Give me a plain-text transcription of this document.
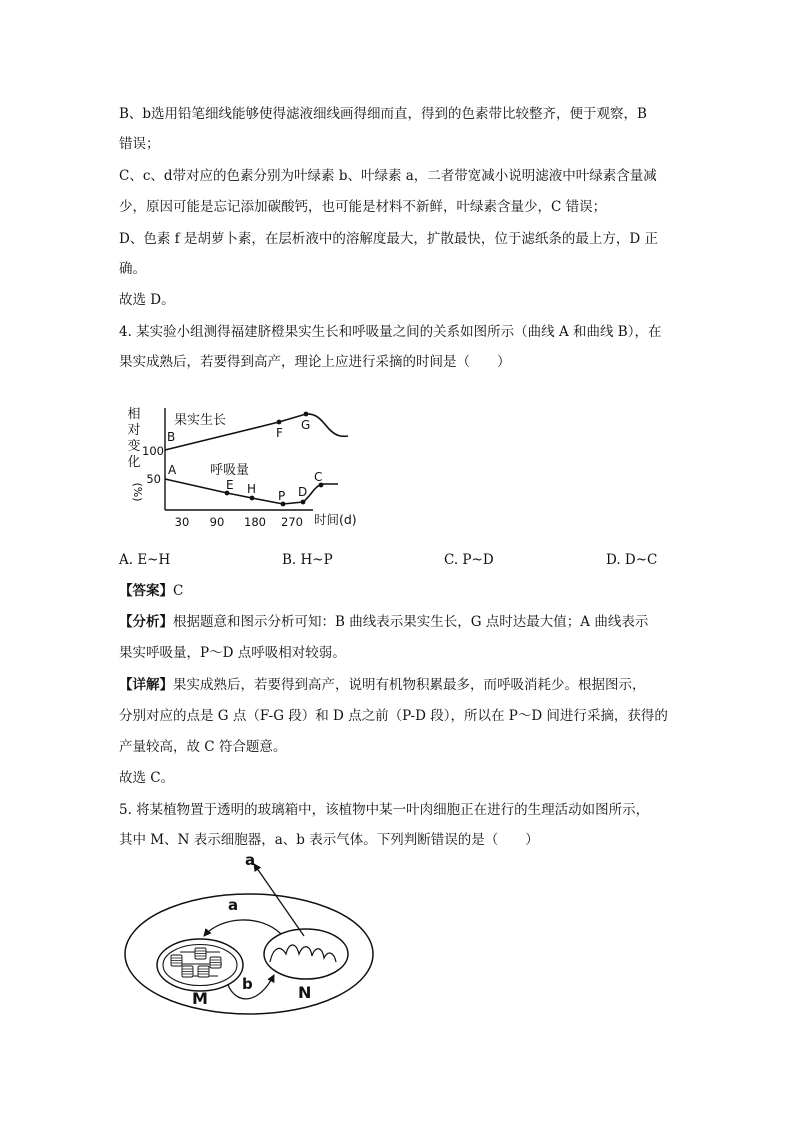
B、b选用铅笔细线能够使得滤液细线画得细而直，得到的色素带比较整齐，便于观察，B
错误；
C、c、d带对应的色素分别为叶绿素 b、叶绿素 a，二者带宽减小说明滤液中叶绿素含量减
少，原因可能是忘记添加碳酸钙，也可能是材料不新鲜，叶绿素含量少，C 错误；
D、色素 f 是胡萝卜素，在层析液中的溶解度最大，扩散最快，位于滤纸条的最上方，D 正
确。
故选 D。
4. 某实验小组测得福建脐橙果实生长和呼吸量之间的关系如图所示（曲线 A 和曲线 B），在
果实成熟后，若要得到高产，理论上应进行采摘的时间是（　　）
相
对
变
化
(%)
100
50
30 90 180 270 时间(d)
果实生长
B	F
G
A	呼吸量
E H P D
C
A. E~H	B. H~P	C. P~D	D. D~C
【答案】C
【分析】根据题意和图示分析可知：B 曲线表示果实生长，G 点时达最大值；A 曲线表示
果实呼吸量，P～D 点呼吸相对较弱。
【详解】果实成熟后，若要得到高产，说明有机物积累最多，而呼吸消耗少。根据图示，
分别对应的点是 G 点（F-G 段）和 D 点之前（P-D 段），所以在 P～D 间进行采摘，获得的
产量较高，故 C 符合题意。
故选 C。
5. 将某植物置于透明的玻璃箱中，该植物中某一叶肉细胞正在进行的生理活动如图所示，
其中 M、N 表示细胞器，a、b 表示气体。下列判断错误的是（　　）
a
a
b
M	N
